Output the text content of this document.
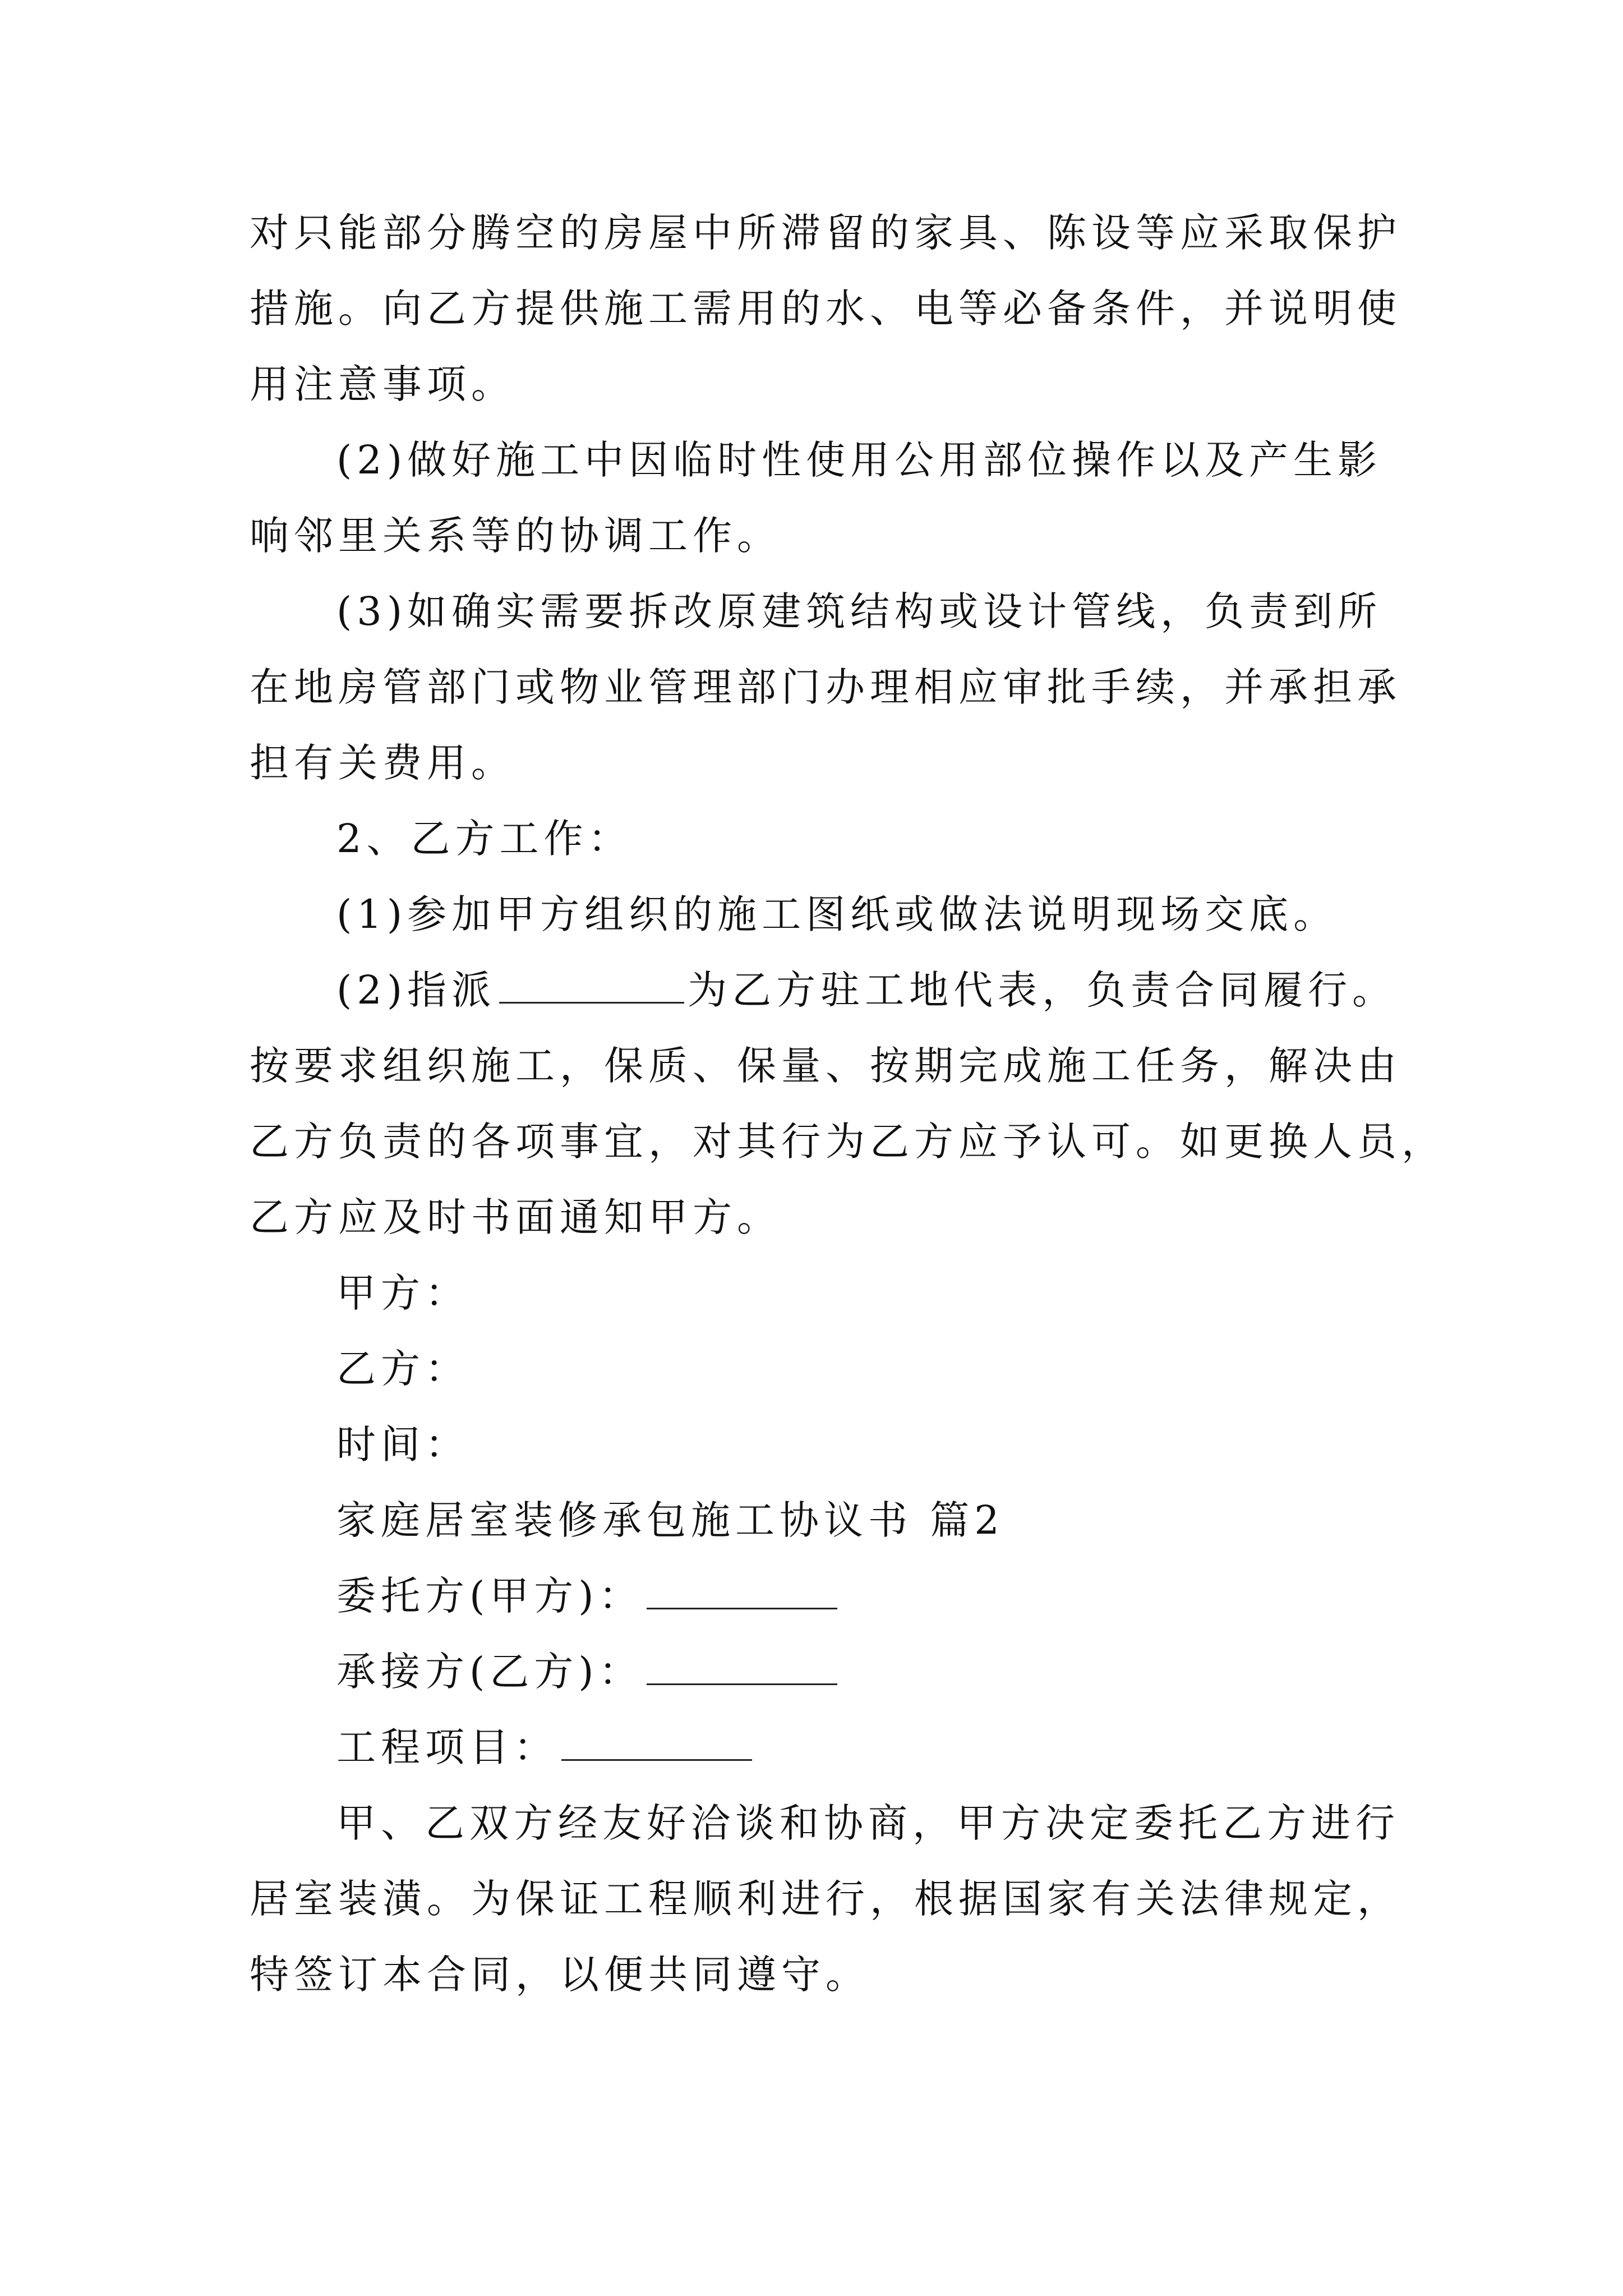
对只能部分腾空的房屋中所滞留的家具、陈设等应采取保护
措施。向乙方提供施工需用的水、电等必备条件，并说明使
用注意事项。
(2)做好施工中因临时性使用公用部位操作以及产生影
响邻里关系等的协调工作。
(3)如确实需要拆改原建筑结构或设计管线，负责到所
在地房管部门或物业管理部门办理相应审批手续，并承担承
担有关费用。
2、乙方工作：
(1)参加甲方组织的施工图纸或做法说明现场交底。
(2)指派	为乙方驻工地代表，负责合同履行。
按要求组织施工，保质、保量、按期完成施工任务，解决由
乙方负责的各项事宜，对其行为乙方应予认可。如更换人员，
乙方应及时书面通知甲方。
甲方：
乙方：
时间：
家庭居室装修承包施工协议书 篇2
委托方(甲方)：
承接方(乙方)：
工程项目：
甲、乙双方经友好洽谈和协商，甲方决定委托乙方进行
居室装潢。为保证工程顺利进行，根据国家有关法律规定，
特签订本合同，以便共同遵守。
